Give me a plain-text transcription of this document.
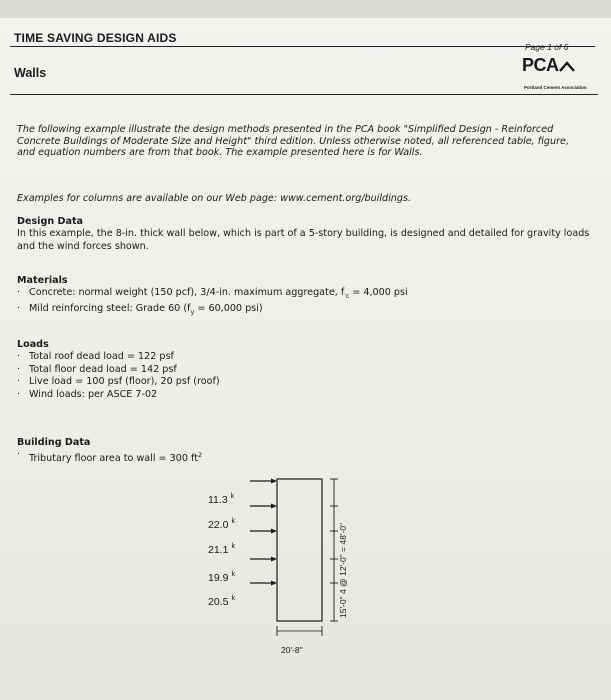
TIME SAVING DESIGN AIDS
Page 1 of 6
Walls	PCA
Portland Cement Association
The following example illustrate the design methods presented in the PCA book "Simplified Design - Reinforced Concrete Buildings of Moderate Size and Height" third edition. Unless otherwise noted, all referenced table, figure, and equation numbers are from that book. The example presented here is for Walls.
Examples for columns are available on our Web page: www.cement.org/buildings.
Design Data
In this example, the 8-in. thick wall below, which is part of a 5-story building, is designed and detailed for gravity loads and the wind forces shown.
Materials
· Concrete: normal weight (150 pcf), 3/4-in. maximum aggregate, $f_{'c} = 4,000$ psi
· Mild reinforcing steel: Grade 60 ($f_y = 60,000$ psi)
Loads
· Total roof dead load = 122 psf
· Total floor dead load = 142 psf
· Live load = 100 psf (floor), 20 psf (roof)
· Wind loads: per ASCE 7-02
Building Data
· Tributary floor area to wall = 300 $ft^2$
11.3 $^k$
22.0 $^k$
21.1 $^k$
19.9 $^k$
20.5 $^k$	15'-0" 4 @ 12'-0" = 48'-0"
20'-8"
